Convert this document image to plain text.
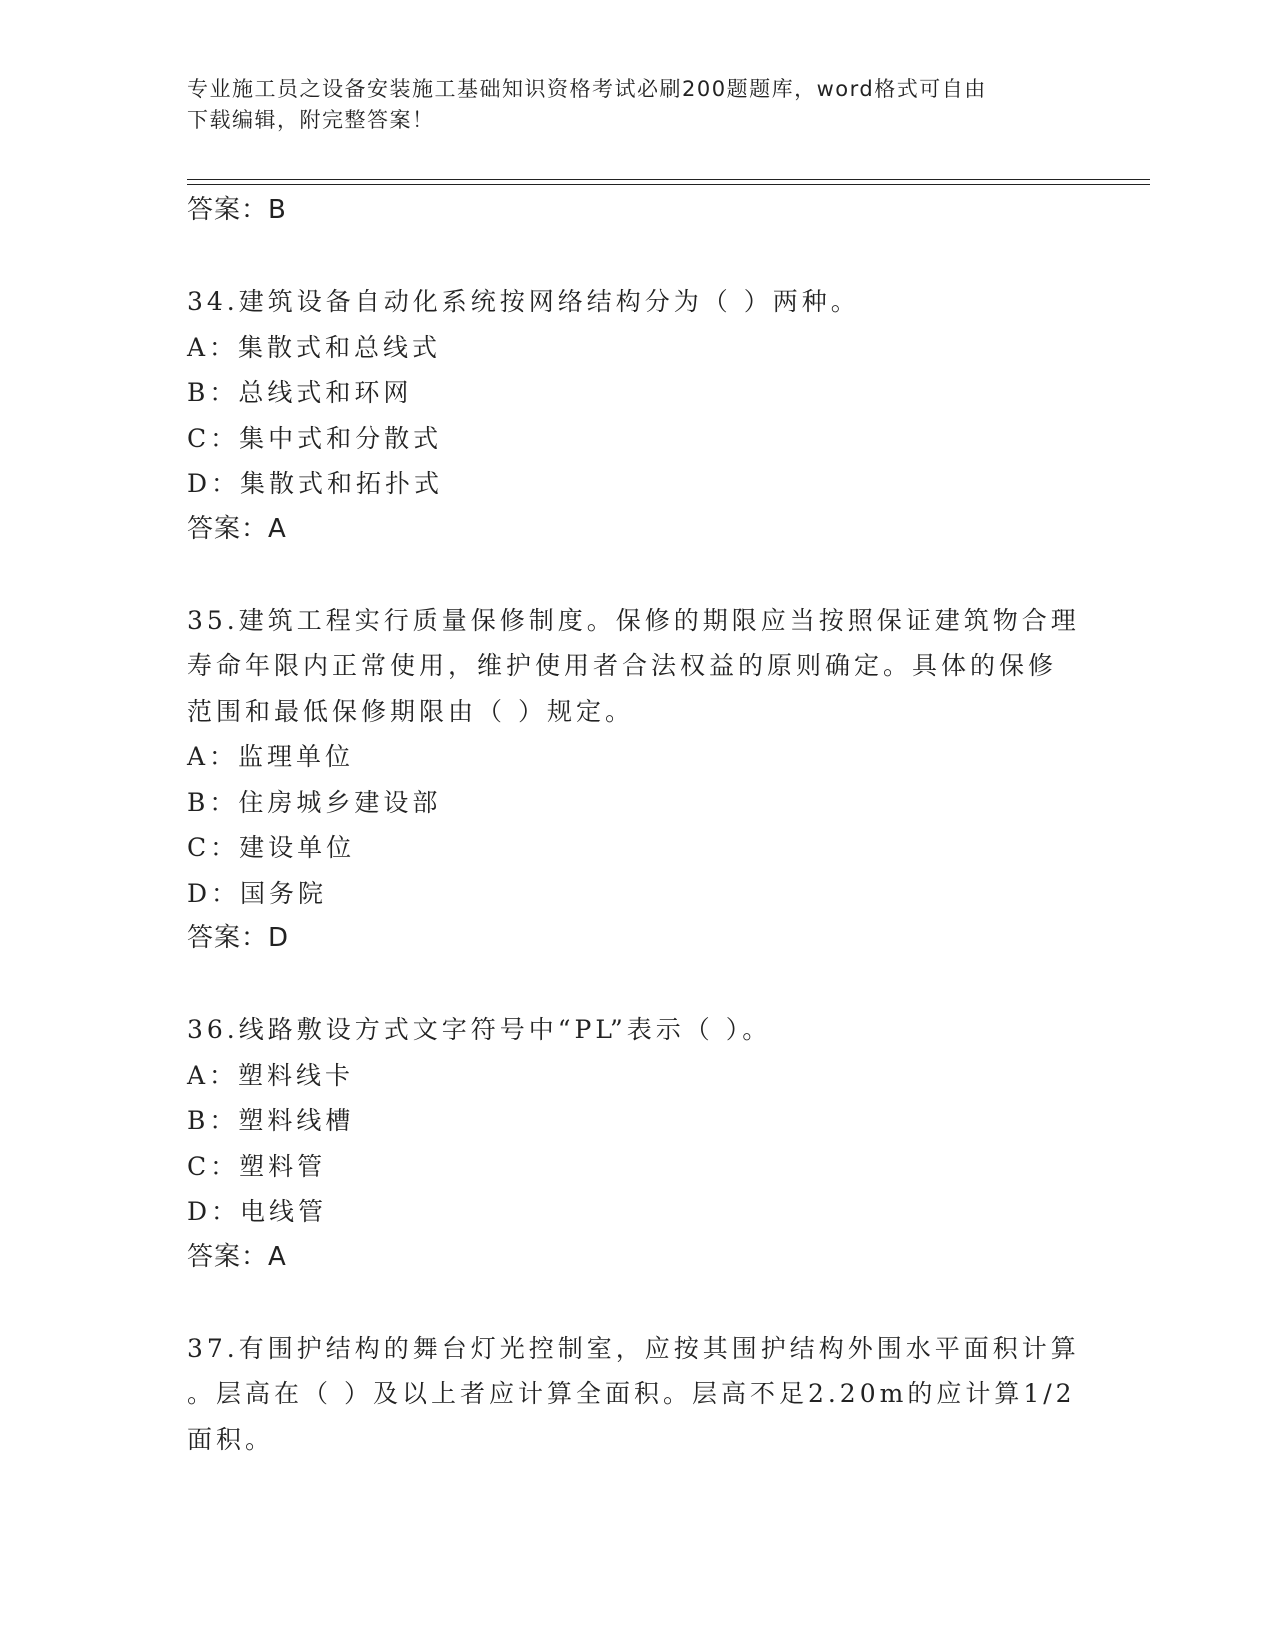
专业施工员之设备安装施工基础知识资格考试必刷200题题库，word格式可自由
下载编辑，附完整答案！
答案：B
34.建筑设备自动化系统按网络结构分为（ ）两种。
A：集散式和总线式
B：总线式和环网
C：集中式和分散式
D：集散式和拓扑式
答案：A
35.建筑工程实行质量保修制度。保修的期限应当按照保证建筑物合理
寿命年限内正常使用，维护使用者合法权益的原则确定。具体的保修
范围和最低保修期限由（ ）规定。
A：监理单位
B：住房城乡建设部
C：建设单位
D：国务院
答案：D
36.线路敷设方式文字符号中“PL”表示（ ）。
A：塑料线卡
B：塑料线槽
C：塑料管
D：电线管
答案：A
37.有围护结构的舞台灯光控制室，应按其围护结构外围水平面积计算
。层高在（ ）及以上者应计算全面积。层高不足2.20m的应计算1/2
面积。
